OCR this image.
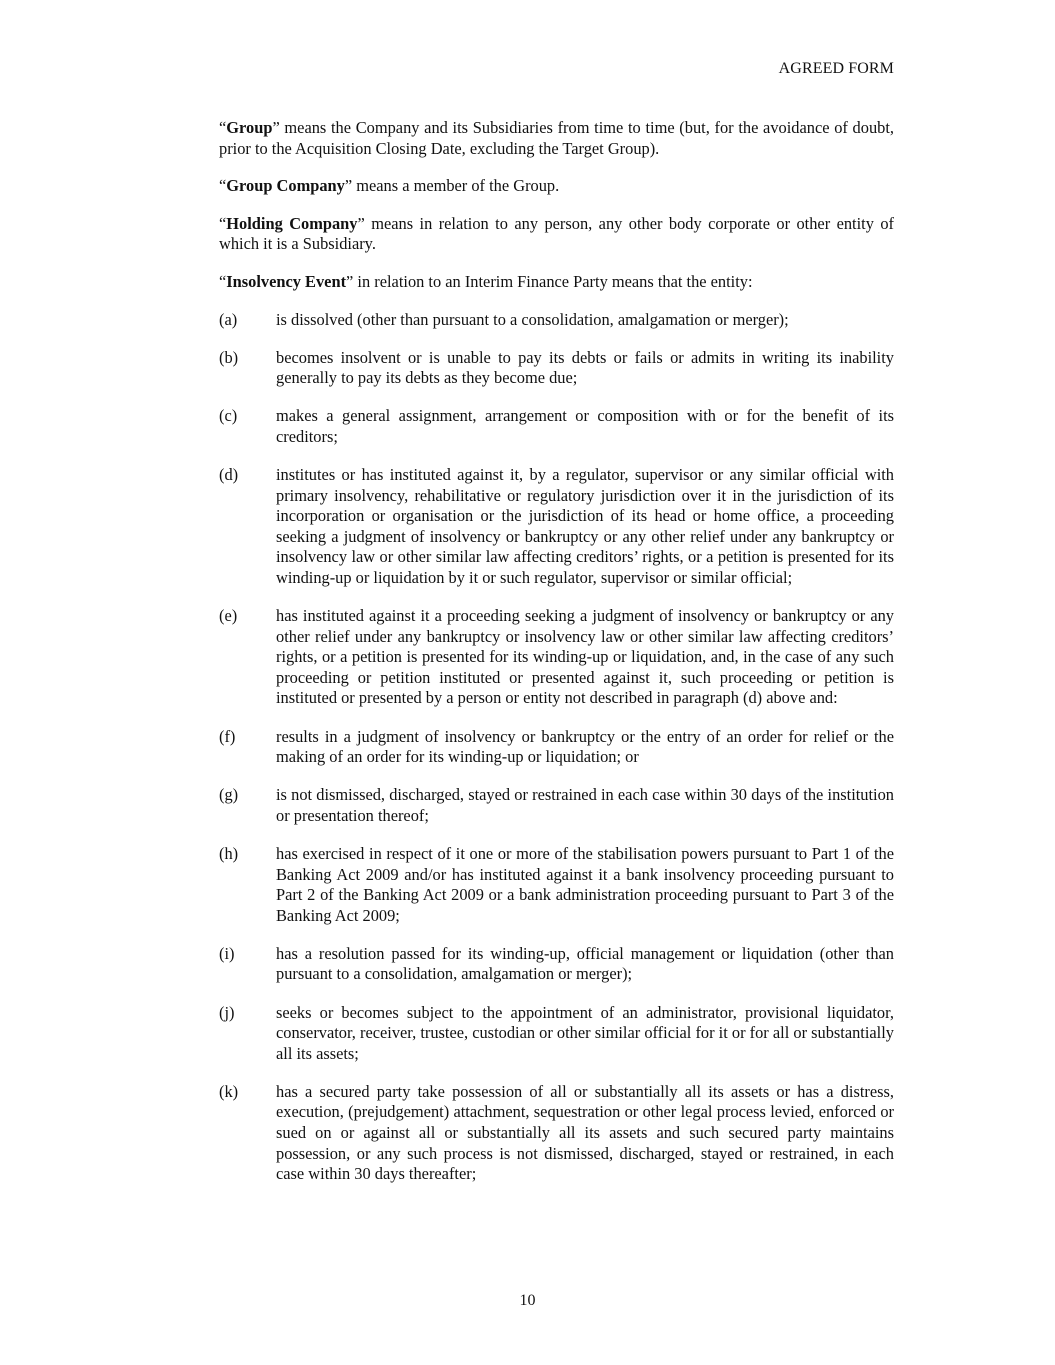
AGREED FORM

“Group” means the Company and its Subsidiaries from time to time (but, for the avoidance of doubt, prior to the Acquisition Closing Date, excluding the Target Group).

“Group Company” means a member of the Group.

“Holding Company” means in relation to any person, any other body corporate or other entity of which it is a Subsidiary.

“Insolvency Event” in relation to an Interim Finance Party means that the entity:

(a)	is dissolved (other than pursuant to a consolidation, amalgamation or merger);
(b)	becomes insolvent or is unable to pay its debts or fails or admits in writing its inability generally to pay its debts as they become due;
(c)	makes a general assignment, arrangement or composition with or for the benefit of its creditors;
(d)	institutes or has instituted against it, by a regulator, supervisor or any similar official with primary insolvency, rehabilitative or regulatory jurisdiction over it in the jurisdiction of its incorporation or organisation or the jurisdiction of its head or home office, a proceeding seeking a judgment of insolvency or bankruptcy or any other relief under any bankruptcy or insolvency law or other similar law affecting creditors’ rights, or a petition is presented for its winding-up or liquidation by it or such regulator, supervisor or similar official;
(e)	has instituted against it a proceeding seeking a judgment of insolvency or bankruptcy or any other relief under any bankruptcy or insolvency law or other similar law affecting creditors’ rights, or a petition is presented for its winding-up or liquidation, and, in the case of any such proceeding or petition instituted or presented against it, such proceeding or petition is instituted or presented by a person or entity not described in paragraph (d) above and:
(f)	results in a judgment of insolvency or bankruptcy or the entry of an order for relief or the making of an order for its winding-up or liquidation; or
(g)	is not dismissed, discharged, stayed or restrained in each case within 30 days of the institution or presentation thereof;
(h)	has exercised in respect of it one or more of the stabilisation powers pursuant to Part 1 of the Banking Act 2009 and/or has instituted against it a bank insolvency proceeding pursuant to Part 2 of the Banking Act 2009 or a bank administration proceeding pursuant to Part 3 of the Banking Act 2009;
(i)	has a resolution passed for its winding-up, official management or liquidation (other than pursuant to a consolidation, amalgamation or merger);
(j)	seeks or becomes subject to the appointment of an administrator, provisional liquidator, conservator, receiver, trustee, custodian or other similar official for it or for all or substantially all its assets;
(k)	has a secured party take possession of all or substantially all its assets or has a distress, execution, (prejudgement) attachment, sequestration or other legal process levied, enforced or sued on or against all or substantially all its assets and such secured party maintains possession, or any such process is not dismissed, discharged, stayed or restrained, in each case within 30 days thereafter;
10
